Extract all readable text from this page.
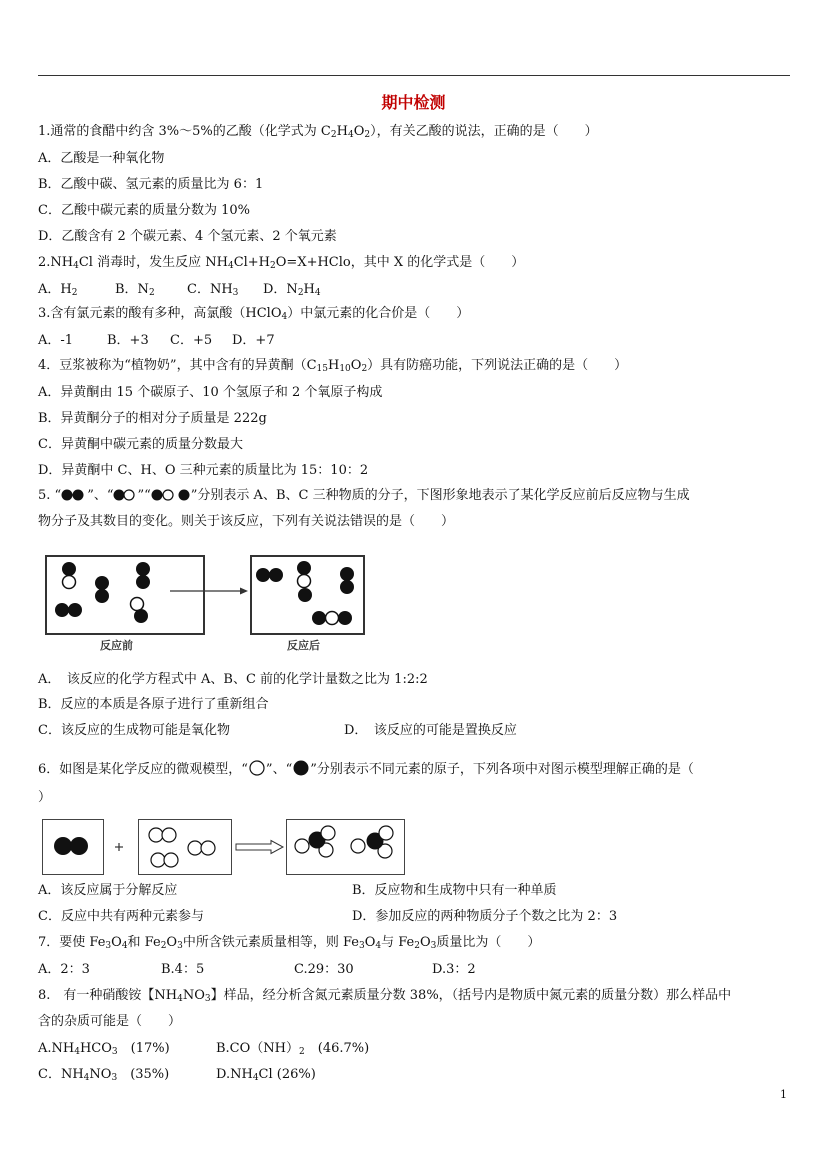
期中检测
1.通常的食醋中约含 3%～5%的乙酸（化学式为 $C_2H_4O_2$），有关乙酸的说法，正确的是（　　）
A．乙酸是一种氧化物
B．乙酸中碳、氢元素的质量比为 6：1
C．乙酸中碳元素的质量分数为 10%
D．乙酸含有 2 个碳元素、4 个氢元素、2 个氧元素
$2.NH_4Cl$ 消毒时，发生反应 $NH_4Cl+H_2O=X+HClo$，其中 X 的化学式是（　　）
A．$H_2$	B．$N_2$ C．$NH_3$ D．$N_2H_4$
3.含有氯元素的酸有多种，高氯酸（HClO$_4$）中氯元素的化合价是（　　）
A．-1	B．+3 C．+5 D．+7
4．豆浆被称为“植物奶”，其中含有的异黄酮$(C_{15}H_{10}O_2)$具有防癌功能，下列说法正确的是（　　）
A．异黄酮由 15 个碳原子、10 个氢原子和 2 个氧原子构成
B．异黄酮分子的相对分子质量是 222g
C．异黄酮中碳元素的质量分数最大
D．异黄酮中 C、H、O 三种元素的质量比为 15：10：2
5. “ ”、“ ”“	”分别表示 A、B、C 三种物质的分子，下图形象地表示了某化学反应前后反应物与生成
物分子及其数目的变化。则关于该反应，下列有关说法错误的是（　　）
反应前	反应后
A．　该反应的化学方程式中 A、B、C 前的化学计量数之比为 1:2:2
B．反应的本质是各原子进行了重新组合
C．该反应的生成物可能是氧化物	D．　该反应的可能是置换反应
6．如图是某化学反应的微观模型，“ ”、“ ”分别表示不同元素的原子，下列各项中对图示模型理解正确的是（
）
A．该反应属于分解反应	B．反应物和生成物中只有一种单质
C．反应中共有两种元素参与	D．参加反应的两种物质分子个数之比为 2：3
7．要使 $Fe_3O_4$和 $Fe_2O_3$中所含铁元素质量相等，则 $Fe_3O_4$与 $Fe_2O_3$质量比为（　　）
A．2：3	B.4：5	C.29：30	D.3：2
8.　有一种硝酸铵【$NH_4NO_3$】样品，经分析含氮元素质量分数 38%，（括号内是物质中氮元素的质量分数）那么样品中
含的杂质可能是（　　）
$A.NH_4HCO_3$　(17%)	$B.CO(NH)_2$　(46.7%)
C．$NH_4NO_3$　(35%)	$D.NH_4Cl$ (26%)
1
